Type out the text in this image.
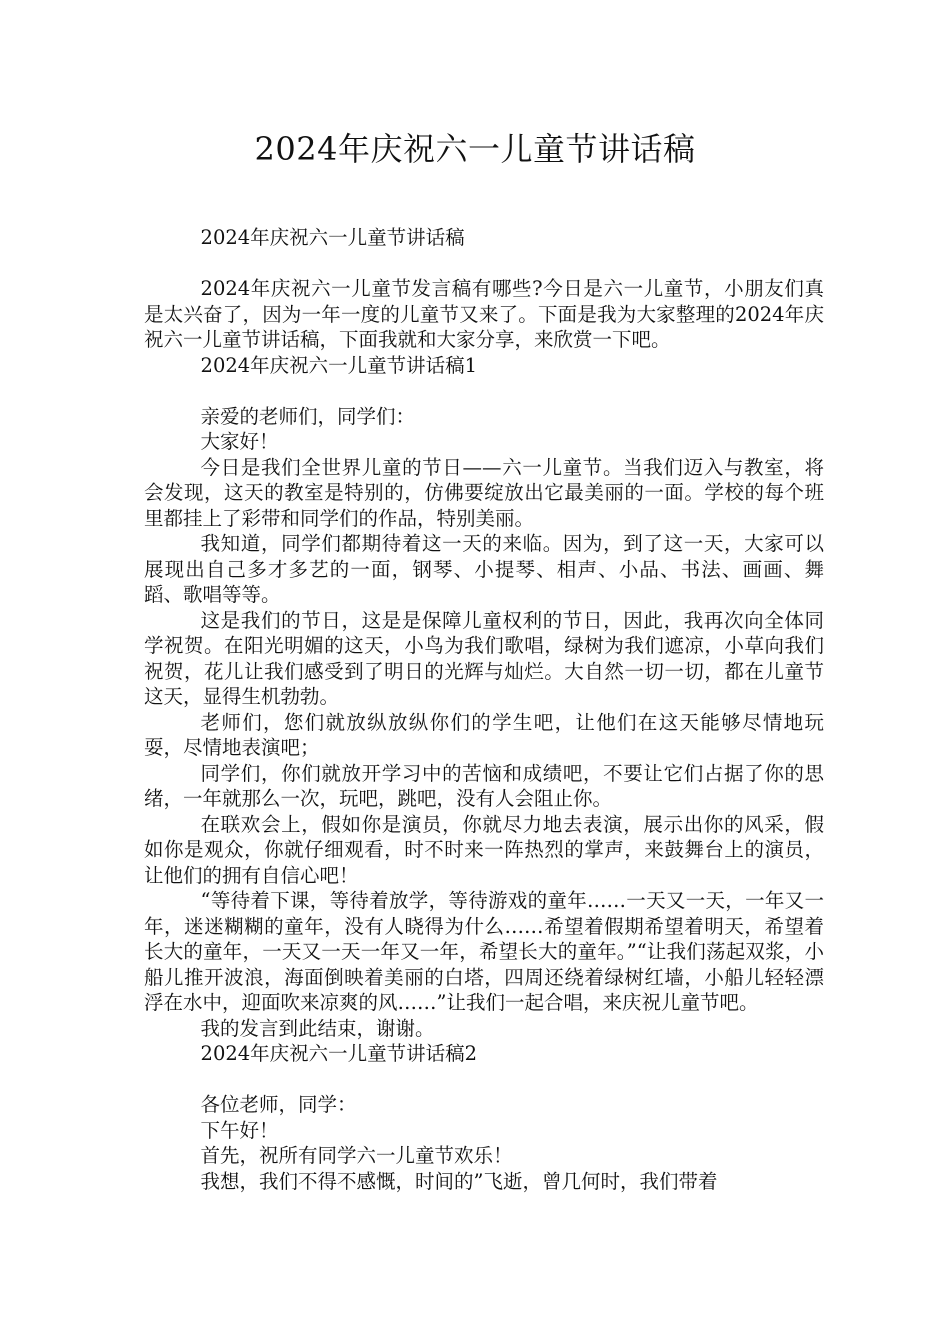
2024年庆祝六一儿童节讲话稿

2024年庆祝六一儿童节讲话稿

2024年庆祝六一儿童节发言稿有哪些?今日是六一儿童节，小朋友们真是太兴奋了，因为一年一度的儿童节又来了。下面是我为大家整理的2024年庆祝六一儿童节讲话稿，下面我就和大家分享，来欣赏一下吧。

2024年庆祝六一儿童节讲话稿1

亲爱的老师们，同学们：

大家好！

今日是我们全世界儿童的节日——六一儿童节。当我们迈入与教室，将会发现，这天的教室是特别的，仿佛要绽放出它最美丽的一面。学校的每个班里都挂上了彩带和同学们的作品，特别美丽。

我知道，同学们都期待着这一天的来临。因为，到了这一天，大家可以展现出自己多才多艺的一面，钢琴、小提琴、相声、小品、书法、画画、舞蹈、歌唱等等。

这是我们的节日，这是是保障儿童权利的节日，因此，我再次向全体同学祝贺。在阳光明媚的这天，小鸟为我们歌唱，绿树为我们遮凉，小草向我们祝贺，花儿让我们感受到了明日的光辉与灿烂。大自然一切一切，都在儿童节这天，显得生机勃勃。

老师们，您们就放纵放纵你们的学生吧，让他们在这天能够尽情地玩耍，尽情地表演吧；

同学们，你们就放开学习中的苦恼和成绩吧，不要让它们占据了你的思绪，一年就那么一次，玩吧，跳吧，没有人会阻止你。

在联欢会上，假如你是演员，你就尽力地去表演，展示出你的风采，假如你是观众，你就仔细观看，时不时来一阵热烈的掌声，来鼓舞台上的演员，让他们的拥有自信心吧！

“等待着下课，等待着放学，等待游戏的童年……一天又一天，一年又一年，迷迷糊糊的童年，没有人晓得为什么……希望着假期希望着明天，希望着长大的童年，一天又一天一年又一年，希望长大的童年。”“让我们荡起双浆，小船儿推开波浪，海面倒映着美丽的白塔，四周还绕着绿树红墙，小船儿轻轻漂浮在水中，迎面吹来凉爽的风……”让我们一起合唱，来庆祝儿童节吧。

我的发言到此结束，谢谢。

2024年庆祝六一儿童节讲话稿2

各位老师，同学：

下午好！

首先，祝所有同学六一儿童节欢乐！

我想，我们不得不感慨，时间的”飞逝，曾几何时，我们带着
